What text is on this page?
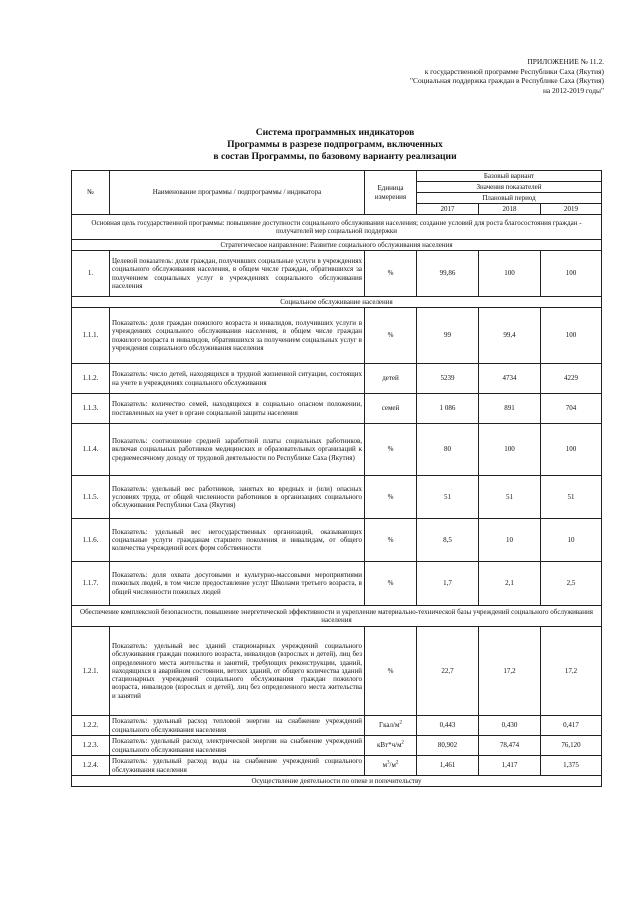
ПРИЛОЖЕНИЕ № 11.2.
к государственной программе Республики Саха (Якутия)
"Социальная поддержка граждан в Республике Саха (Якутия)
на 2012-2019 годы"
Система программных индикаторов
Программы в разрезе подпрограмм, включенных
в состав Программы, по базовому варианту реализации
№	Наименование программы / подпрограммы / индикатора	Единица измерения	Базовый вариант		
			Значения показателей		
			Плановый период		
			2017	2018	2019
Основная цель государственной программы: повышение доступности социального обслуживания населения; создание условий для роста благосостояния граждан - получателей мер социальной поддержки					
Стратегическое направление: Развитие социального обслуживания населения					
1.	Целевой показатель: доля граждан, получивших социальные услуги в учреждениях социального обслуживания населения, в общем числе граждан, обратившихся за получением социальных услуг в учреждениях социального обслуживания населения	%	99,86	100	100
Социальное обслуживание населения					
1.1.1.	Показатель: доля граждан пожилого возраста и инвалидов, получивших услуги в учреждениях социального обслуживания населения, в общем числе граждан пожилого возраста и инвалидов, обратившихся за получением социальных услуг в учреждения социального обслуживания населения	%	99	99,4	100
1.1.2.	Показатель: число детей, находящихся в трудной жизненной ситуации, состоящих на учете в учреждениях социального обслуживания	детей	5239	4734	4229
1.1.3.	Показатель: количество семей, находящихся в социально опасном положении, поставленных на учет в органе социальной защиты населения	семей	1 086	891	704
1.1.4.	Показатель: соотношение средней заработной платы социальных работников, включая социальных работников медицинских и образовательных организаций к среднемесячному доходу от трудовой деятельности по Республике Саха (Якутия)	%	80	100	100
1.1.5.	Показатель: удельный вес работников, занятых во вредных и (или) опасных условиях труда, от общей численности работников в организациях социального обслуживания Республики Саха (Якутия)	%	51	51	51
1.1.6.	Показатель: удельный вес негосударственных организаций, оказывающих социальные услуги гражданам старшего поколения и инвалидам, от общего количества учреждений всех форм собственности	%	8,5	10	10
1.1.7.	Показатель: доля охвата досуговыми и культурно-массовыми мероприятиями пожилых людей, в том числе предоставление услуг Школами третьего возраста, в общей численности пожилых людей	%	1,7	2,1	2,5
Обеспечение комплексной безопасности, повышение энергетической эффективности и укрепление материально-технической базы учреждений социального обслуживания населения					
1.2.1.	Показатель: удельный вес зданий стационарных учреждений социального обслуживания граждан пожилого возраста, инвалидов (взрослых и детей), лиц без определенного места жительства и занятий, требующих реконструкции, зданий, находящихся в аварийном состоянии, ветхих зданий, от общего количества зданий стационарных учреждений социального обслуживания граждан пожилого возраста, инвалидов (взрослых и детей), лиц без определенного места жительства и занятий	%	22,7	17,2	17,2
1.2.2.	Показатель: удельный расход тепловой энергии на снабжение учреждений социального обслуживания населения	Гкал/$м^2$	0,443	0,430	0,417
1.2.3.	Показатель: удельный расход электрической энергии на снабжение учреждений социального обслуживания населения	$кВт*ч/м^2$	80,902	78,474	76,120
1.2.4.	Показатель: удельный расход воды на снабжение учреждений социального обслуживания населения	$м^3/м^2$	1,461	1,417	1,375
Осуществление деятельности по опеке и попечительству					
